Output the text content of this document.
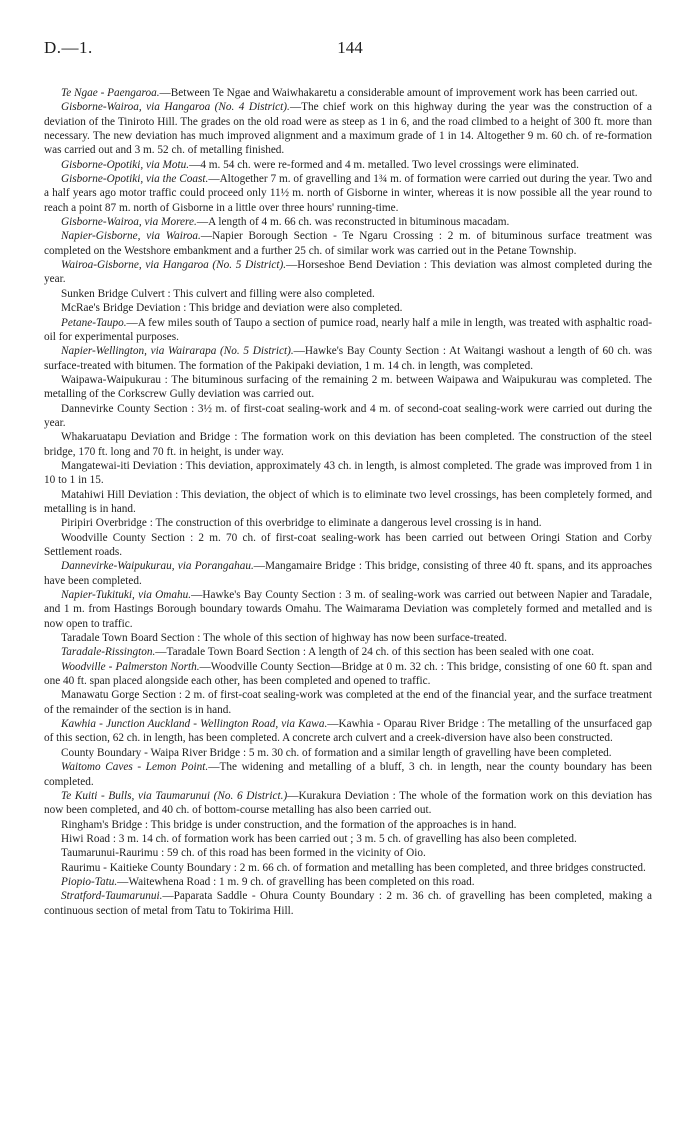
D.—1.	144

Te Ngae - Paengaroa.—Between Te Ngae and Waiwhakaretu a considerable amount of improvement work has been carried out.

Gisborne-Wairoa, via Hangaroa (No. 4 District).—The chief work on this highway during the year was the construction of a deviation of the Tiniroto Hill. The grades on the old road were as steep as 1 in 6, and the road climbed to a height of 300 ft. more than necessary. The new deviation has much improved alignment and a maximum grade of 1 in 14. Altogether 9 m. 60 ch. of re-formation was carried out and 3 m. 52 ch. of metalling finished.

Gisborne-Opotiki, via Motu.—4 m. 54 ch. were re-formed and 4 m. metalled. Two level crossings were eliminated.

Gisborne-Opotiki, via the Coast.—Altogether 7 m. of gravelling and 1¾ m. of formation were carried out during the year. Two and a half years ago motor traffic could proceed only 11½ m. north of Gisborne in winter, whereas it is now possible all the year round to reach a point 87 m. north of Gisborne in a little over three hours' running-time.

Gisborne-Wairoa, via Morere.—A length of 4 m. 66 ch. was reconstructed in bituminous macadam.

Napier-Gisborne, via Wairoa.—Napier Borough Section - Te Ngaru Crossing : 2 m. of bituminous surface treatment was completed on the Westshore embankment and a further 25 ch. of similar work was carried out in the Petane Township.

Wairoa-Gisborne, via Hangaroa (No. 5 District).—Horseshoe Bend Deviation : This deviation was almost completed during the year.

Sunken Bridge Culvert : This culvert and filling were also completed.

McRae's Bridge Deviation : This bridge and deviation were also completed.

Petane-Taupo.—A few miles south of Taupo a section of pumice road, nearly half a mile in length, was treated with asphaltic road-oil for experimental purposes.

Napier-Wellington, via Wairarapa (No. 5 District).—Hawke's Bay County Section : At Waitangi washout a length of 60 ch. was surface-treated with bitumen. The formation of the Pakipaki deviation, 1 m. 14 ch. in length, was completed.

Waipawa-Waipukurau : The bituminous surfacing of the remaining 2 m. between Waipawa and Waipukurau was completed. The metalling of the Corkscrew Gully deviation was carried out.

Dannevirke County Section : 3½ m. of first-coat sealing-work and 4 m. of second-coat sealing-work were carried out during the year.

Whakaruatapu Deviation and Bridge : The formation work on this deviation has been completed. The construction of the steel bridge, 170 ft. long and 70 ft. in height, is under way.

Mangatewai-iti Deviation : This deviation, approximately 43 ch. in length, is almost completed. The grade was improved from 1 in 10 to 1 in 15.

Matahiwi Hill Deviation : This deviation, the object of which is to eliminate two level crossings, has been completely formed, and metalling is in hand.

Piripiri Overbridge : The construction of this overbridge to eliminate a dangerous level crossing is in hand.

Woodville County Section : 2 m. 70 ch. of first-coat sealing-work has been carried out between Oringi Station and Corby Settlement roads.

Dannevirke-Waipukurau, via Porangahau.—Mangamaire Bridge : This bridge, consisting of three 40 ft. spans, and its approaches have been completed.

Napier-Tukituki, via Omahu.—Hawke's Bay County Section : 3 m. of sealing-work was carried out between Napier and Taradale, and 1 m. from Hastings Borough boundary towards Omahu. The Waimarama Deviation was completely formed and metalled and is now open to traffic.

Taradale Town Board Section : The whole of this section of highway has now been surface-treated.

Taradale-Rissington.—Taradale Town Board Section : A length of 24 ch. of this section has been sealed with one coat.

Woodville - Palmerston North.—Woodville County Section—Bridge at 0 m. 32 ch. : This bridge, consisting of one 60 ft. span and one 40 ft. span placed alongside each other, has been completed and opened to traffic.

Manawatu Gorge Section : 2 m. of first-coat sealing-work was completed at the end of the financial year, and the surface treatment of the remainder of the section is in hand.

Kawhia - Junction Auckland - Wellington Road, via Kawa.—Kawhia - Oparau River Bridge : The metalling of the unsurfaced gap of this section, 62 ch. in length, has been completed. A concrete arch culvert and a creek-diversion have also been constructed.

County Boundary - Waipa River Bridge : 5 m. 30 ch. of formation and a similar length of gravelling have been completed.

Waitomo Caves - Lemon Point.—The widening and metalling of a bluff, 3 ch. in length, near the county boundary has been completed.

Te Kuiti - Bulls, via Taumarunui (No. 6 District.)—Kurakura Deviation : The whole of the formation work on this deviation has now been completed, and 40 ch. of bottom-course metalling has also been carried out.

Ringham's Bridge : This bridge is under construction, and the formation of the approaches is in hand.

Hiwi Road : 3 m. 14 ch. of formation work has been carried out ; 3 m. 5 ch. of gravelling has also been completed.

Taumarunui-Raurimu : 59 ch. of this road has been formed in the vicinity of Oio.

Raurimu - Kaitieke County Boundary : 2 m. 66 ch. of formation and metalling has been completed, and three bridges constructed.

Piopio-Tatu.—Waitewhena Road : 1 m. 9 ch. of gravelling has been completed on this road.

Stratford-Taumarunui.—Paparata Saddle - Ohura County Boundary : 2 m. 36 ch. of gravelling has been completed, making a continuous section of metal from Tatu to Tokirima Hill.
